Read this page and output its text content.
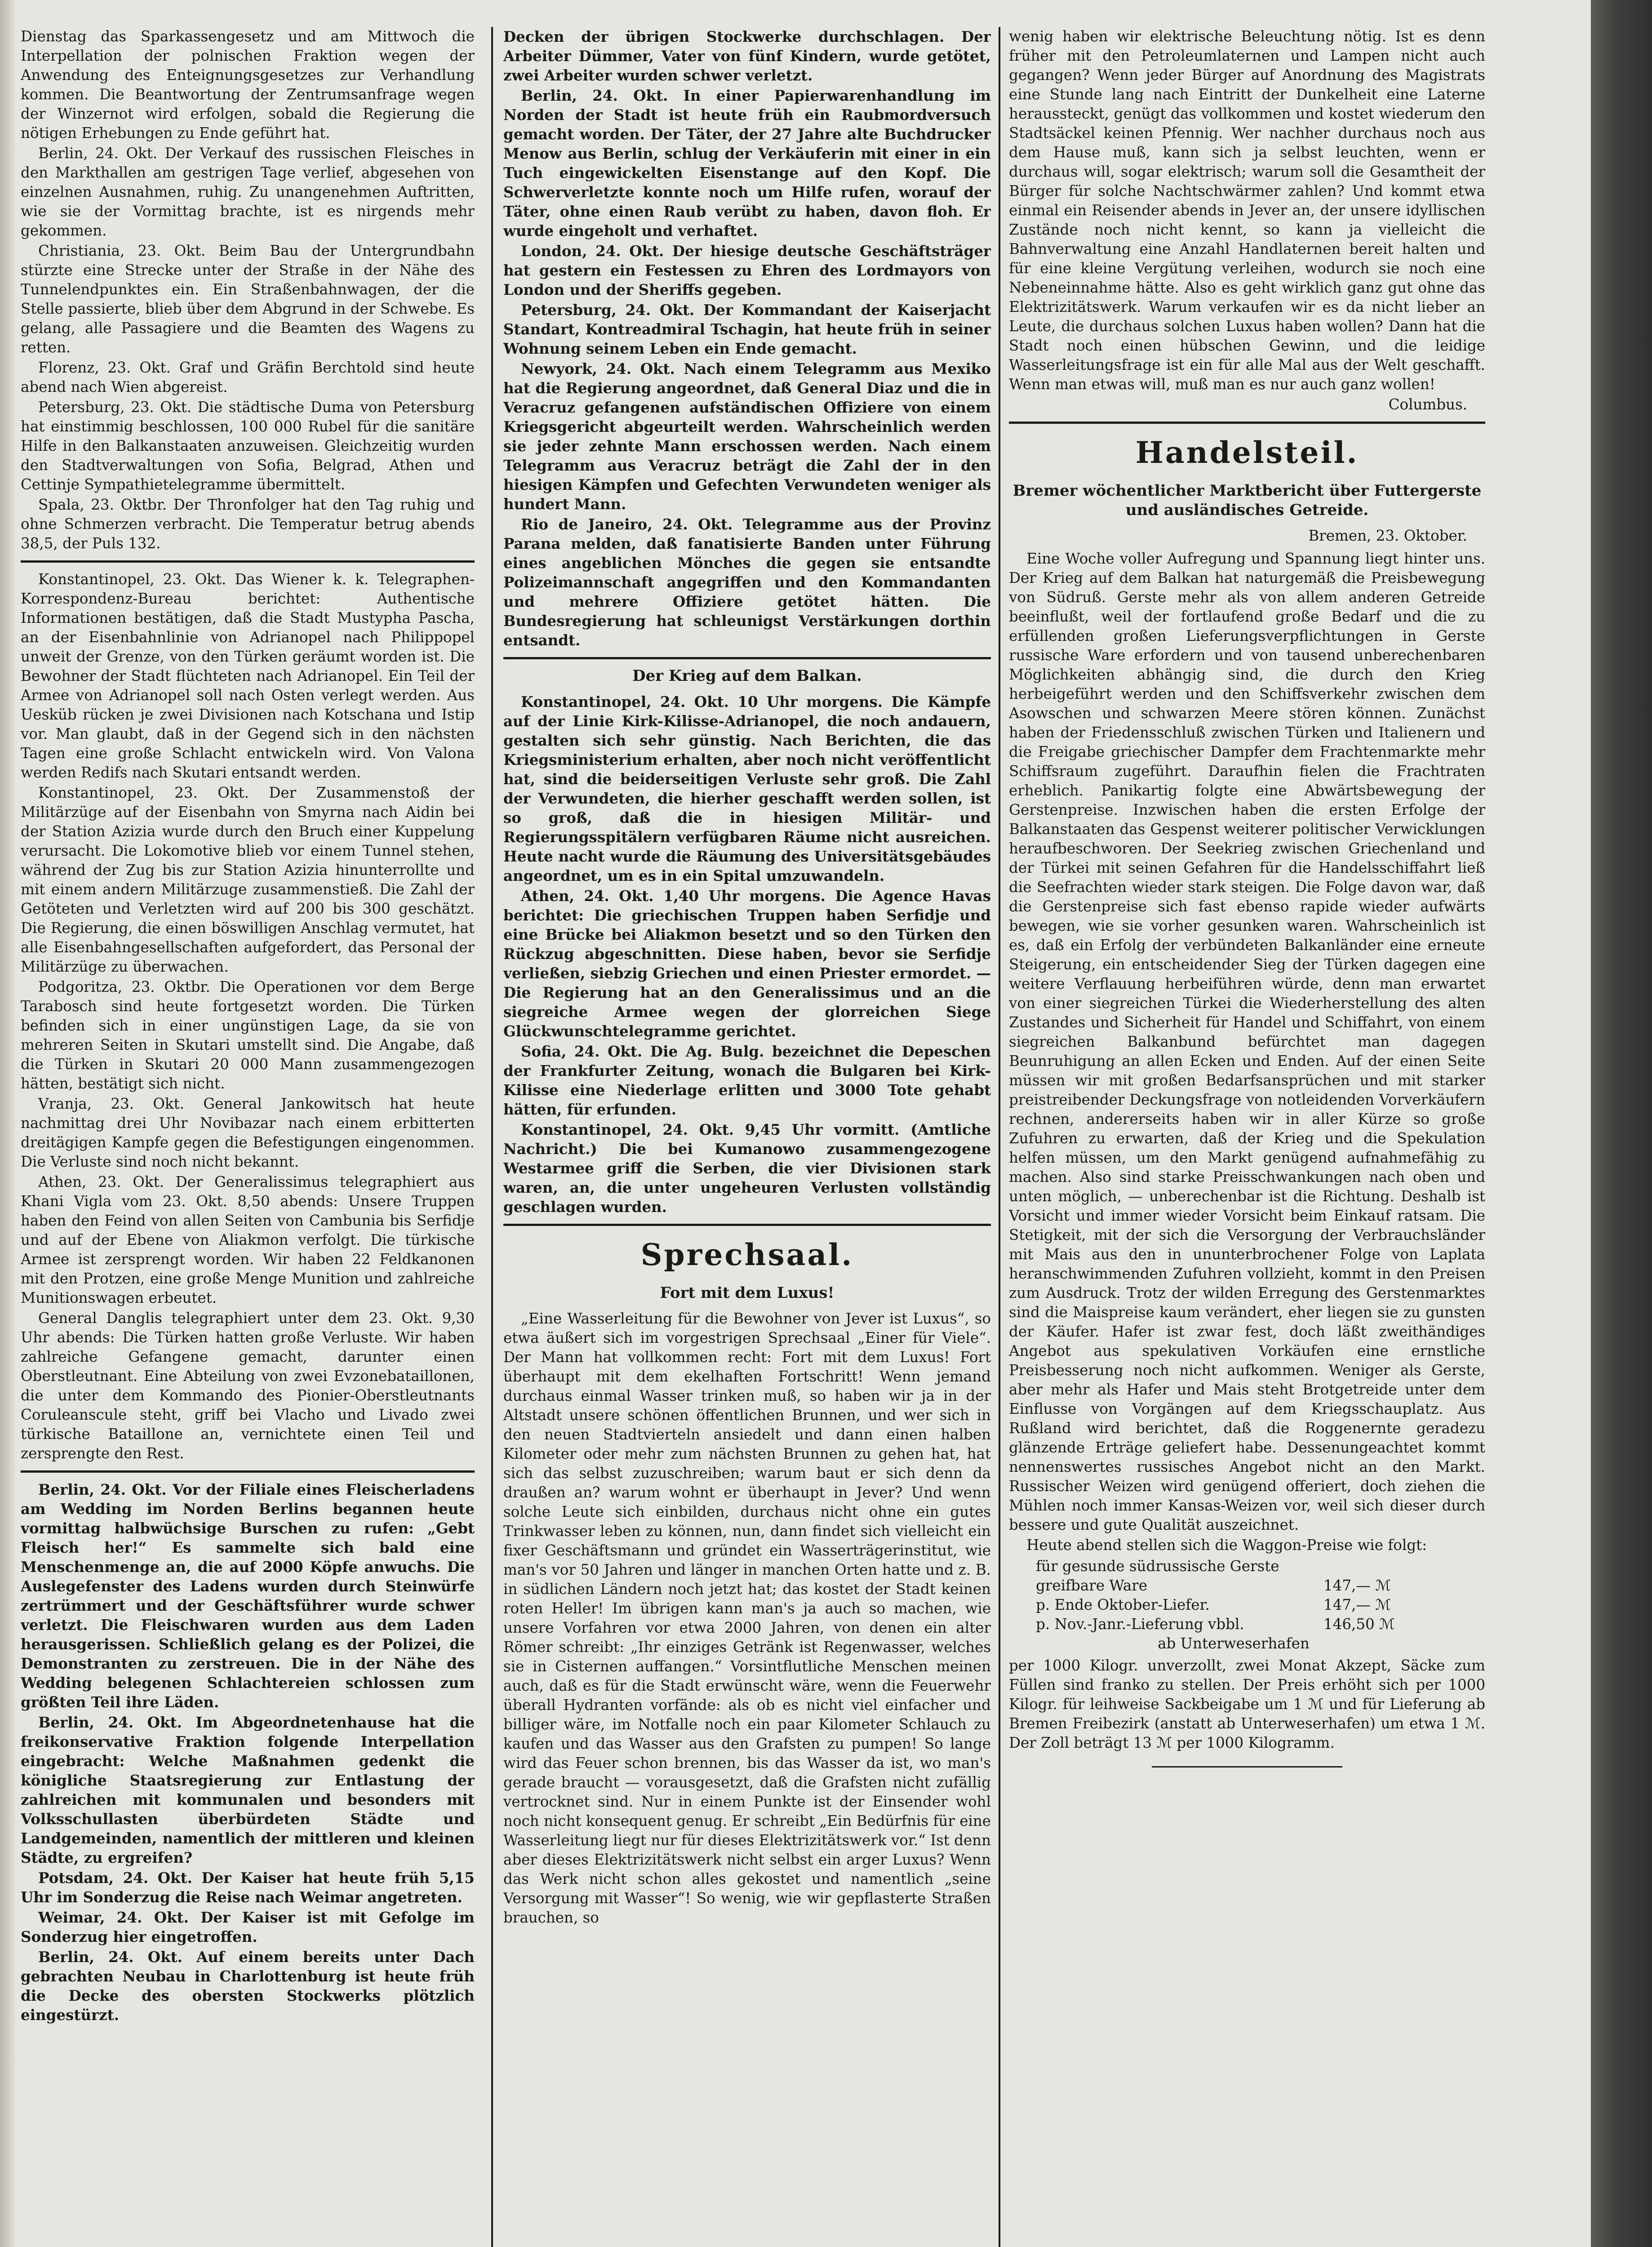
Dienstag das Sparkassengesetz und am Mittwoch die Interpellation der polnischen Fraktion wegen der Anwendung des Enteignungsgesetzes zur Verhandlung kommen. Die Beantwortung der Zentrumsanfrage wegen der Winzernot wird erfolgen, sobald die Regierung die nötigen Erhebungen zu Ende geführt hat.

Berlin, 24. Okt. Der Verkauf des russischen Fleisches in den Markthallen am gestrigen Tage verlief, abgesehen von einzelnen Ausnahmen, ruhig. Zu unangenehmen Auftritten, wie sie der Vormittag brachte, ist es nirgends mehr gekommen.

Christiania, 23. Okt. Beim Bau der Untergrundbahn stürzte eine Strecke unter der Straße in der Nähe des Tunnelendpunktes ein. Ein Straßenbahnwagen, der die Stelle passierte, blieb über dem Abgrund in der Schwebe. Es gelang, alle Passagiere und die Beamten des Wagens zu retten.

Florenz, 23. Okt. Graf und Gräfin Berchtold sind heute abend nach Wien abgereist.

Petersburg, 23. Okt. Die städtische Duma von Petersburg hat einstimmig beschlossen, 100 000 Rubel für die sanitäre Hilfe in den Balkanstaaten anzuweisen. Gleichzeitig wurden den Stadtverwaltungen von Sofia, Belgrad, Athen und Cettinje Sympathietelegramme übermittelt.

Spala, 23. Oktbr. Der Thronfolger hat den Tag ruhig und ohne Schmerzen verbracht. Die Temperatur betrug abends 38,5, der Puls 132.

Konstantinopel, 23. Okt. Das Wiener k. k. Telegraphen-Korrespondenz-Bureau berichtet: Authentische Informationen bestätigen, daß die Stadt Mustypha Pascha, an der Eisenbahnlinie von Adrianopel nach Philippopel unweit der Grenze, von den Türken geräumt worden ist. Die Bewohner der Stadt flüchteten nach Adrianopel. Ein Teil der Armee von Adrianopel soll nach Osten verlegt werden. Aus Uesküb rücken je zwei Divisionen nach Kotschana und Istip vor. Man glaubt, daß in der Gegend sich in den nächsten Tagen eine große Schlacht entwickeln wird. Von Valona werden Redifs nach Skutari entsandt werden.

Konstantinopel, 23. Okt. Der Zusammenstoß der Militärzüge auf der Eisenbahn von Smyrna nach Aidin bei der Station Azizia wurde durch den Bruch einer Kuppelung verursacht. Die Lokomotive blieb vor einem Tunnel stehen, während der Zug bis zur Station Azizia hinunterrollte und mit einem andern Militärzuge zusammenstieß. Die Zahl der Getöteten und Verletzten wird auf 200 bis 300 geschätzt. Die Regierung, die einen böswilligen Anschlag vermutet, hat alle Eisenbahngesellschaften aufgefordert, das Personal der Militärzüge zu überwachen.

Podgoritza, 23. Oktbr. Die Operationen vor dem Berge Tarabosch sind heute fortgesetzt worden. Die Türken befinden sich in einer ungünstigen Lage, da sie von mehreren Seiten in Skutari umstellt sind. Die Angabe, daß die Türken in Skutari 20 000 Mann zusammengezogen hätten, bestätigt sich nicht.

Vranja, 23. Okt. General Jankowitsch hat heute nachmittag drei Uhr Novibazar nach einem erbitterten dreitägigen Kampfe gegen die Befestigungen eingenommen. Die Verluste sind noch nicht bekannt.

Athen, 23. Okt. Der Generalissimus telegraphiert aus Khani Vigla vom 23. Okt. 8,50 abends: Unsere Truppen haben den Feind von allen Seiten von Cambunia bis Serfidje und auf der Ebene von Aliakmon verfolgt. Die türkische Armee ist zersprengt worden. Wir haben 22 Feldkanonen mit den Protzen, eine große Menge Munition und zahlreiche Munitionswagen erbeutet.

General Danglis telegraphiert unter dem 23. Okt. 9,30 Uhr abends: Die Türken hatten große Verluste. Wir haben zahlreiche Gefangene gemacht, darunter einen Oberstleutnant. Eine Abteilung von zwei Evzonebataillonen, die unter dem Kommando des Pionier-Oberstleutnants Coruleanscule steht, griff bei Vlacho und Livado zwei türkische Bataillone an, vernichtete einen Teil und zersprengte den Rest.

Berlin, 24. Okt. Vor der Filiale eines Fleischerladens am Wedding im Norden Berlins begannen heute vormittag halbwüchsige Burschen zu rufen: „Gebt Fleisch her!“ Es sammelte sich bald eine Menschenmenge an, die auf 2000 Köpfe anwuchs. Die Auslegefenster des Ladens wurden durch Steinwürfe zertrümmert und der Geschäftsführer wurde schwer verletzt. Die Fleischwaren wurden aus dem Laden herausgerissen. Schließlich gelang es der Polizei, die Demonstranten zu zerstreuen. Die in der Nähe des Wedding belegenen Schlachtereien schlossen zum größten Teil ihre Läden.

Berlin, 24. Okt. Im Abgeordnetenhause hat die freikonservative Fraktion folgende Interpellation eingebracht: Welche Maßnahmen gedenkt die königliche Staatsregierung zur Entlastung der zahlreichen mit kommunalen und besonders mit Volksschullasten überbürdeten Städte und Landgemeinden, namentlich der mittleren und kleinen Städte, zu ergreifen?

Potsdam, 24. Okt. Der Kaiser hat heute früh 5,15 Uhr im Sonderzug die Reise nach Weimar angetreten.

Weimar, 24. Okt. Der Kaiser ist mit Gefolge im Sonderzug hier eingetroffen.

Berlin, 24. Okt. Auf einem bereits unter Dach gebrachten Neubau in Charlottenburg ist heute früh die Decke des obersten Stockwerks plötzlich eingestürzt.

Decken der übrigen Stockwerke durchschlagen. Der Arbeiter Dümmer, Vater von fünf Kindern, wurde getötet, zwei Arbeiter wurden schwer verletzt.

Berlin, 24. Okt. In einer Papierwarenhandlung im Norden der Stadt ist heute früh ein Raubmordversuch gemacht worden. Der Täter, der 27 Jahre alte Buchdrucker Menow aus Berlin, schlug der Verkäuferin mit einer in ein Tuch eingewickelten Eisenstange auf den Kopf. Die Schwerverletzte konnte noch um Hilfe rufen, worauf der Täter, ohne einen Raub verübt zu haben, davon floh. Er wurde eingeholt und verhaftet.

London, 24. Okt. Der hiesige deutsche Geschäftsträger hat gestern ein Festessen zu Ehren des Lordmayors von London und der Sheriffs gegeben.

Petersburg, 24. Okt. Der Kommandant der Kaiserjacht Standart, Kontreadmiral Tschagin, hat heute früh in seiner Wohnung seinem Leben ein Ende gemacht.

Newyork, 24. Okt. Nach einem Telegramm aus Mexiko hat die Regierung angeordnet, daß General Diaz und die in Veracruz gefangenen aufständischen Offiziere von einem Kriegsgericht abgeurteilt werden. Wahrscheinlich werden sie jeder zehnte Mann erschossen werden. Nach einem Telegramm aus Veracruz beträgt die Zahl der in den hiesigen Kämpfen und Gefechten Verwundeten weniger als hundert Mann.

Rio de Janeiro, 24. Okt. Telegramme aus der Provinz Parana melden, daß fanatisierte Banden unter Führung eines angeblichen Mönches die gegen sie entsandte Polizeimannschaft angegriffen und den Kommandanten und mehrere Offiziere getötet hätten. Die Bundesregierung hat schleunigst Verstärkungen dorthin entsandt.

Der Krieg auf dem Balkan.

Konstantinopel, 24. Okt. 10 Uhr morgens. Die Kämpfe auf der Linie Kirk-Kilisse-Adrianopel, die noch andauern, gestalten sich sehr günstig. Nach Berichten, die das Kriegsministerium erhalten, aber noch nicht veröffentlicht hat, sind die beiderseitigen Verluste sehr groß. Die Zahl der Verwundeten, die hierher geschafft werden sollen, ist so groß, daß die in hiesigen Militär- und Regierungsspitälern verfügbaren Räume nicht ausreichen. Heute nacht wurde die Räumung des Universitätsgebäudes angeordnet, um es in ein Spital umzuwandeln.

Athen, 24. Okt. 1,40 Uhr morgens. Die Agence Havas berichtet: Die griechischen Truppen haben Serfidje und eine Brücke bei Aliakmon besetzt und so den Türken den Rückzug abgeschnitten. Diese haben, bevor sie Serfidje verließen, siebzig Griechen und einen Priester ermordet. — Die Regierung hat an den Generalissimus und an die siegreiche Armee wegen der glorreichen Siege Glückwunschtelegramme gerichtet.

Sofia, 24. Okt. Die Ag. Bulg. bezeichnet die Depeschen der Frankfurter Zeitung, wonach die Bulgaren bei Kirk-Kilisse eine Niederlage erlitten und 3000 Tote gehabt hätten, für erfunden.

Konstantinopel, 24. Okt. 9,45 Uhr vormitt. (Amtliche Nachricht.) Die bei Kumanowo zusammengezogene Westarmee griff die Serben, die vier Divisionen stark waren, an, die unter ungeheuren Verlusten vollständig geschlagen wurden.

Sprechsaal.
Fort mit dem Luxus!

„Eine Wasserleitung für die Bewohner von Jever ist Luxus“, so etwa äußert sich im vorgestrigen Sprechsaal „Einer für Viele“. Der Mann hat vollkommen recht: Fort mit dem Luxus! Fort überhaupt mit dem ekelhaften Fortschritt! Wenn jemand durchaus einmal Wasser trinken muß, so haben wir ja in der Altstadt unsere schönen öffentlichen Brunnen, und wer sich in den neuen Stadtvierteln ansiedelt und dann einen halben Kilometer oder mehr zum nächsten Brunnen zu gehen hat, hat sich das selbst zuzuschreiben; warum baut er sich denn da draußen an? warum wohnt er überhaupt in Jever? Und wenn solche Leute sich einbilden, durchaus nicht ohne ein gutes Trinkwasser leben zu können, nun, dann findet sich vielleicht ein fixer Geschäftsmann und gründet ein Wasserträgerinstitut, wie man's vor 50 Jahren und länger in manchen Orten hatte und z. B. in südlichen Ländern noch jetzt hat; das kostet der Stadt keinen roten Heller! Im übrigen kann man's ja auch so machen, wie unsere Vorfahren vor etwa 2000 Jahren, von denen ein alter Römer schreibt: „Ihr einziges Getränk ist Regenwasser, welches sie in Cisternen auffangen.“ Vorsintflutliche Menschen meinen auch, daß es für die Stadt erwünscht wäre, wenn die Feuerwehr überall Hydranten vorfände: als ob es nicht viel einfacher und billiger wäre, im Notfalle noch ein paar Kilometer Schlauch zu kaufen und das Wasser aus den Grafsten zu pumpen! So lange wird das Feuer schon brennen, bis das Wasser da ist, wo man's gerade braucht — vorausgesetzt, daß die Grafsten nicht zufällig vertrocknet sind. Nur in einem Punkte ist der Einsender wohl noch nicht konsequent genug. Er schreibt „Ein Bedürfnis für eine Wasserleitung liegt nur für dieses Elektrizitätswerk vor.“ Ist denn aber dieses Elektrizitätswerk nicht selbst ein arger Luxus? Wenn das Werk nicht schon alles gekostet und namentlich „seine Versorgung mit Wasser“! So wenig, wie wir gepflasterte Straßen brauchen, so

wenig haben wir elektrische Beleuchtung nötig. Ist es denn früher mit den Petroleumlaternen und Lampen nicht auch gegangen? Wenn jeder Bürger auf Anordnung des Magistrats eine Stunde lang nach Eintritt der Dunkelheit eine Laterne heraussteckt, genügt das vollkommen und kostet wiederum den Stadtsäckel keinen Pfennig. Wer nachher durchaus noch aus dem Hause muß, kann sich ja selbst leuchten, wenn er durchaus will, sogar elektrisch; warum soll die Gesamtheit der Bürger für solche Nachtschwärmer zahlen? Und kommt etwa einmal ein Reisender abends in Jever an, der unsere idyllischen Zustände noch nicht kennt, so kann ja vielleicht die Bahnverwaltung eine Anzahl Handlaternen bereit halten und für eine kleine Vergütung verleihen, wodurch sie noch eine Nebeneinnahme hätte. Also es geht wirklich ganz gut ohne das Elektrizitätswerk. Warum verkaufen wir es da nicht lieber an Leute, die durchaus solchen Luxus haben wollen? Dann hat die Stadt noch einen hübschen Gewinn, und die leidige Wasserleitungsfrage ist ein für alle Mal aus der Welt geschafft. Wenn man etwas will, muß man es nur auch ganz wollen!

Columbus.

Handelsteil.
Bremer wöchentlicher Marktbericht über Futtergerste und ausländisches Getreide.

Bremen, 23. Oktober.

Eine Woche voller Aufregung und Spannung liegt hinter uns. Der Krieg auf dem Balkan hat naturgemäß die Preisbewegung von Südruß. Gerste mehr als von allem anderen Getreide beeinflußt, weil der fortlaufend große Bedarf und die zu erfüllenden großen Lieferungsverpflichtungen in Gerste russische Ware erfordern und von tausend unberechenbaren Möglichkeiten abhängig sind, die durch den Krieg herbeigeführt werden und den Schiffsverkehr zwischen dem Asowschen und schwarzen Meere stören können. Zunächst haben der Friedensschluß zwischen Türken und Italienern und die Freigabe griechischer Dampfer dem Frachtenmarkte mehr Schiffsraum zugeführt. Daraufhin fielen die Frachtraten erheblich. Panikartig folgte eine Abwärtsbewegung der Gerstenpreise. Inzwischen haben die ersten Erfolge der Balkanstaaten das Gespenst weiterer politischer Verwicklungen heraufbeschworen. Der Seekrieg zwischen Griechenland und der Türkei mit seinen Gefahren für die Handelsschiffahrt ließ die Seefrachten wieder stark steigen. Die Folge davon war, daß die Gerstenpreise sich fast ebenso rapide wieder aufwärts bewegen, wie sie vorher gesunken waren. Wahrscheinlich ist es, daß ein Erfolg der verbündeten Balkanländer eine erneute Steigerung, ein entscheidender Sieg der Türken dagegen eine weitere Verflauung herbeiführen würde, denn man erwartet von einer siegreichen Türkei die Wiederherstellung des alten Zustandes und Sicherheit für Handel und Schiffahrt, von einem siegreichen Balkanbund befürchtet man dagegen Beunruhigung an allen Ecken und Enden. Auf der einen Seite müssen wir mit großen Bedarfsansprüchen und mit starker preistreibender Deckungsfrage von notleidenden Vorverkäufern rechnen, andererseits haben wir in aller Kürze so große Zufuhren zu erwarten, daß der Krieg und die Spekulation helfen müssen, um den Markt genügend aufnahmefähig zu machen. Also sind starke Preisschwankungen nach oben und unten möglich, — unberechenbar ist die Richtung. Deshalb ist Vorsicht und immer wieder Vorsicht beim Einkauf ratsam. Die Stetigkeit, mit der sich die Versorgung der Verbrauchsländer mit Mais aus den in ununterbrochener Folge von Laplata heranschwimmenden Zufuhren vollzieht, kommt in den Preisen zum Ausdruck. Trotz der wilden Erregung des Gerstenmarktes sind die Maispreise kaum verändert, eher liegen sie zu gunsten der Käufer. Hafer ist zwar fest, doch läßt zweithändiges Angebot aus spekulativen Vorkäufen eine ernstliche Preisbesserung noch nicht aufkommen. Weniger als Gerste, aber mehr als Hafer und Mais steht Brotgetreide unter dem Einflusse von Vorgängen auf dem Kriegsschauplatz. Aus Rußland wird berichtet, daß die Roggenernte geradezu glänzende Erträge geliefert habe. Dessenungeachtet kommt nennenswertes russisches Angebot nicht an den Markt. Russischer Weizen wird genügend offeriert, doch ziehen die Mühlen noch immer Kansas-Weizen vor, weil sich dieser durch bessere und gute Qualität auszeichnet.

Heute abend stellen sich die Waggon-Preise wie folgt:

für gesunde südrussische Gerste
greifbare Ware	147,— ℳ
p. Ende Oktober-Liefer.	147,— ℳ
p. Nov.-Janr.-Lieferung vbbl.	146,50 ℳ
ab Unterweserhafen

per 1000 Kilogr. unverzollt, zwei Monat Akzept, Säcke zum Füllen sind franko zu stellen. Der Preis erhöht sich per 1000 Kilogr. für leihweise Sackbeigabe um 1 ℳ und für Lieferung ab Bremen Freibezirk (anstatt ab Unterweserhafen) um etwa 1 ℳ. Der Zoll beträgt 13 ℳ per 1000 Kilogramm.
